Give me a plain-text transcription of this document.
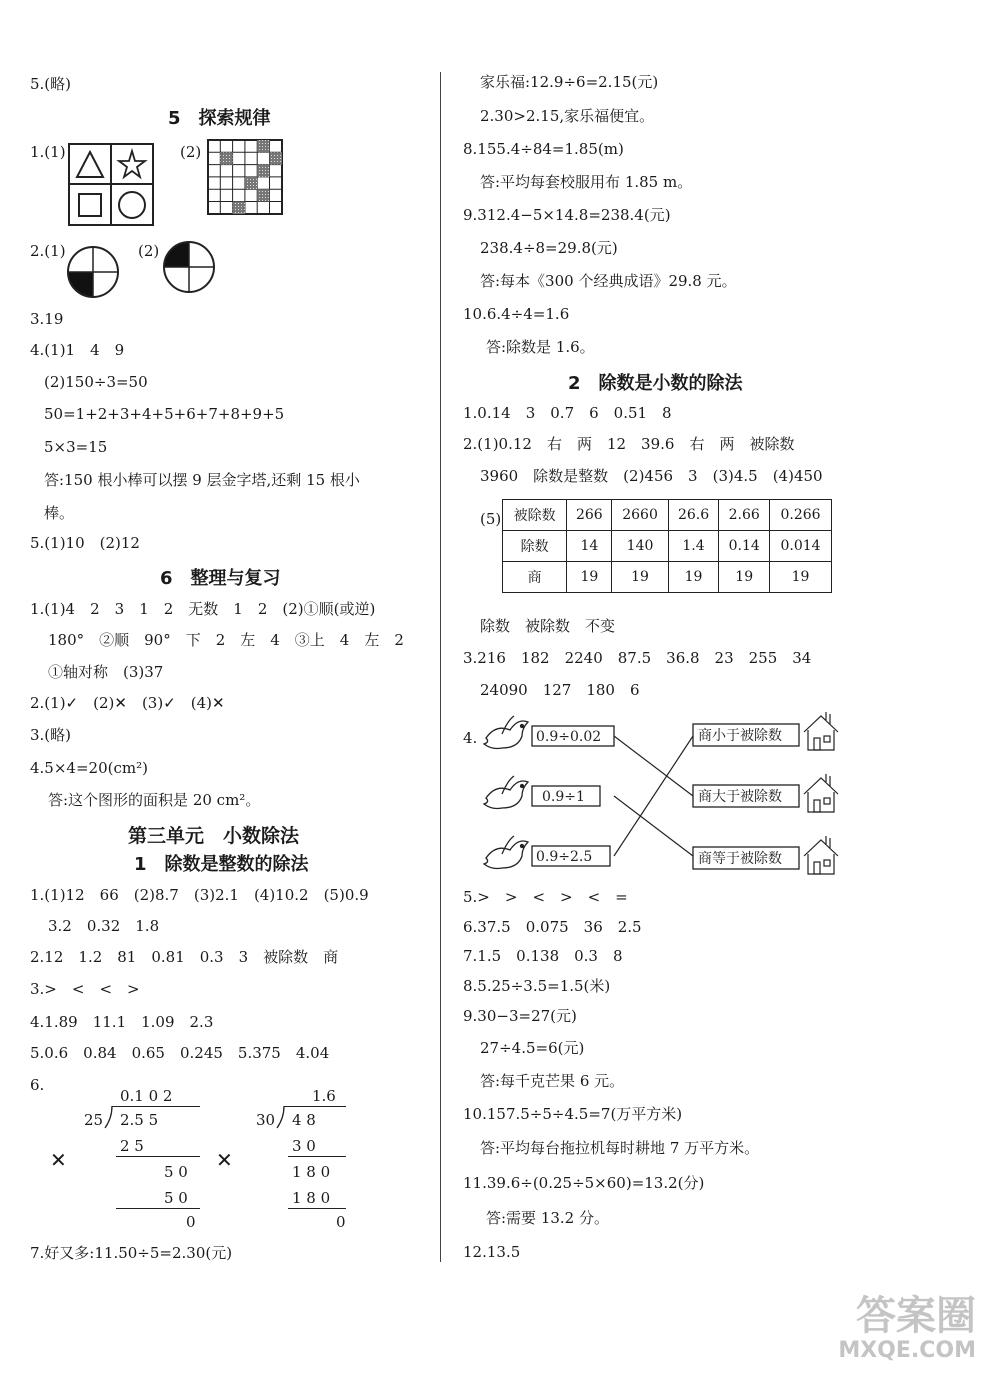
5.(略)
5　探索规律
1.(1)	(2)
2.(1)	(2)
3.19
4.(1)1　4　9
(2)150÷3=50
50=1+2+3+4+5+6+7+8+9+5
5×3=15
答:150 根小棒可以摆 9 层金字塔,还剩 15 根小
棒。
5.(1)10　(2)12
6　整理与复习
1.(1)4　2　3　1　2　无数　1　2　(2)①顺(或逆)
180°　②顺　90°　下　2　左　4　③上　4　左　2
①轴对称　(3)37
2.(1)✓　(2)✕　(3)✓　(4)✕
3.(略)
4.5×4=20(cm²)
答:这个图形的面积是 20 cm²。
第三单元　小数除法
1　除数是整数的除法
1.(1)12　66　(2)8.7　(3)2.1　(4)10.2　(5)0.9
3.2　0.32　1.8
2.12　1.2　81　0.81　0.3　3　被除数　商
3.>　<　<　>
4.1.89　11.1　1.09　2.3
5.0.6　0.84　0.65　0.245　5.375　4.04
6.
✕
0.1 0 2
25 2.5 5
2 5
5 0
5 0
0
✕
1.6
30 4 8
3 0
1 8 0
1 8 0
0
7.好又多:11.50÷5=2.30(元)
家乐福:12.9÷6=2.15(元)
2.30>2.15,家乐福便宜。
8.155.4÷84=1.85(m)
答:平均每套校服用布 1.85 m。
9.312.4−5×14.8=238.4(元)
238.4÷8=29.8(元)
答:每本《300 个经典成语》29.8 元。
10.6.4÷4=1.6
答:除数是 1.6。
2　除数是小数的除法
1.0.14　3　0.7　6　0.51　8
2.(1)0.12　右　两　12　39.6　右　两　被除数
3960　除数是整数　(2)456　3　(3)4.5　(4)450
(5) 被除数	266	2660	26.6	2.66	0.266
除数	14	140	1.4	0.14	0.014
商	19	19	19	19	19
除数　被除数　不变
3.216　182　2240　87.5　36.8　23　255　34
24090　127　180　6
4.	0.9÷0.02
0.9÷1
0.9÷2.5
商小于被除数
商大于被除数
商等于被除数
5.>　>　<　>　<　=
6.37.5　0.075　36　2.5
7.1.5　0.138　0.3　8
8.5.25÷3.5=1.5(米)
9.30−3=27(元)
27÷4.5=6(元)
答:每千克芒果 6 元。
10.157.5÷5÷4.5=7(万平方米)
答:平均每台拖拉机每时耕地 7 万平方米。
11.39.6÷(0.25÷5×60)=13.2(分)
答:需要 13.2 分。
12.13.5
答案圈
MXQE.COM
